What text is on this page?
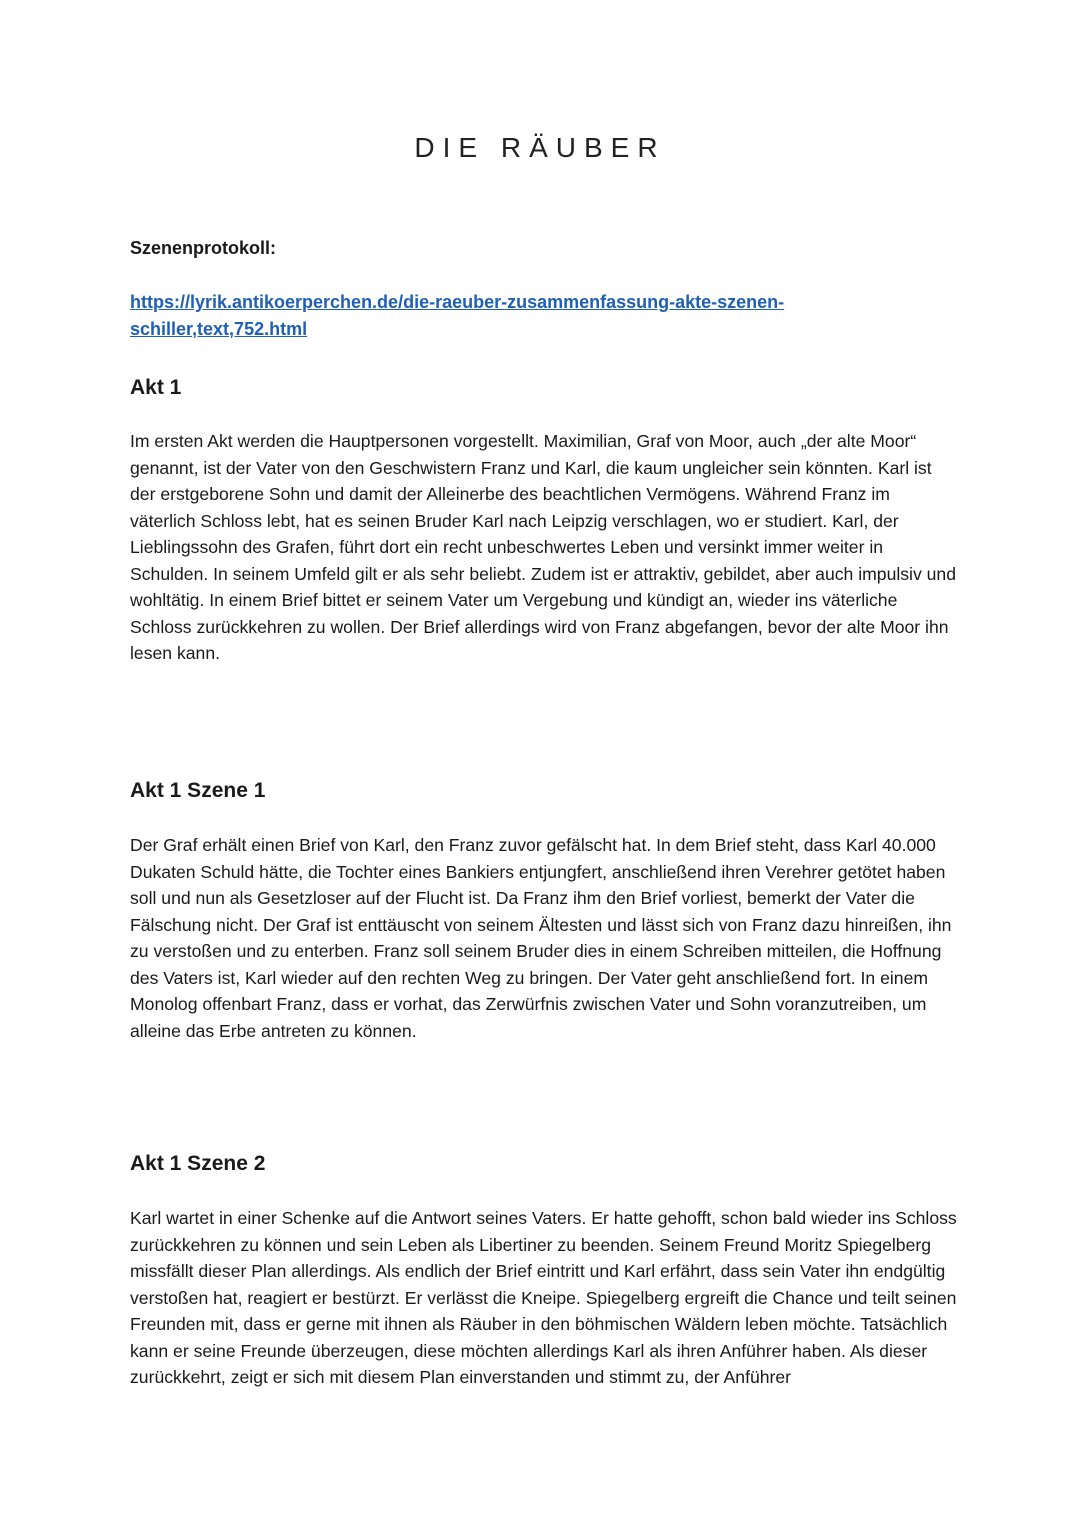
DIE RÄUBER

Szenenprotokoll:

https://lyrik.antikoerperchen.de/die-raeuber-zusammenfassung-akte-szenen-schiller,text,752.html
Akt 1

Im ersten Akt werden die Hauptpersonen vorgestellt. Maximilian, Graf von Moor, auch „der alte Moor“ genannt, ist der Vater von den Geschwistern Franz und Karl, die kaum ungleicher sein könnten. Karl ist der erstgeborene Sohn und damit der Alleinerbe des beachtlichen Vermögens. Während Franz im väterlich Schloss lebt, hat es seinen Bruder Karl nach Leipzig verschlagen, wo er studiert. Karl, der Lieblingssohn des Grafen, führt dort ein recht unbeschwertes Leben und versinkt immer weiter in Schulden. In seinem Umfeld gilt er als sehr beliebt. Zudem ist er attraktiv, gebildet, aber auch impulsiv und wohltätig. In einem Brief bittet er seinem Vater um Vergebung und kündigt an, wieder ins väterliche Schloss zurückkehren zu wollen. Der Brief allerdings wird von Franz abgefangen, bevor der alte Moor ihn lesen kann.

Akt 1 Szene 1

Der Graf erhält einen Brief von Karl, den Franz zuvor gefälscht hat. In dem Brief steht, dass Karl 40.000 Dukaten Schuld hätte, die Tochter eines Bankiers entjungfert, anschließend ihren Verehrer getötet haben soll und nun als Gesetzloser auf der Flucht ist. Da Franz ihm den Brief vorliest, bemerkt der Vater die Fälschung nicht. Der Graf ist enttäuscht von seinem Ältesten und lässt sich von Franz dazu hinreißen, ihn zu verstoßen und zu enterben. Franz soll seinem Bruder dies in einem Schreiben mitteilen, die Hoffnung des Vaters ist, Karl wieder auf den rechten Weg zu bringen. Der Vater geht anschließend fort. In einem Monolog offenbart Franz, dass er vorhat, das Zerwürfnis zwischen Vater und Sohn voranzutreiben, um alleine das Erbe antreten zu können.

Akt 1 Szene 2

Karl wartet in einer Schenke auf die Antwort seines Vaters. Er hatte gehofft, schon bald wieder ins Schloss zurückkehren zu können und sein Leben als Libertiner zu beenden. Seinem Freund Moritz Spiegelberg missfällt dieser Plan allerdings. Als endlich der Brief eintritt und Karl erfährt, dass sein Vater ihn endgültig verstoßen hat, reagiert er bestürzt. Er verlässt die Kneipe. Spiegelberg ergreift die Chance und teilt seinen Freunden mit, dass er gerne mit ihnen als Räuber in den böhmischen Wäldern leben möchte. Tatsächlich kann er seine Freunde überzeugen, diese möchten allerdings Karl als ihren Anführer haben. Als dieser zurückkehrt, zeigt er sich mit diesem Plan einverstanden und stimmt zu, der Anführer
